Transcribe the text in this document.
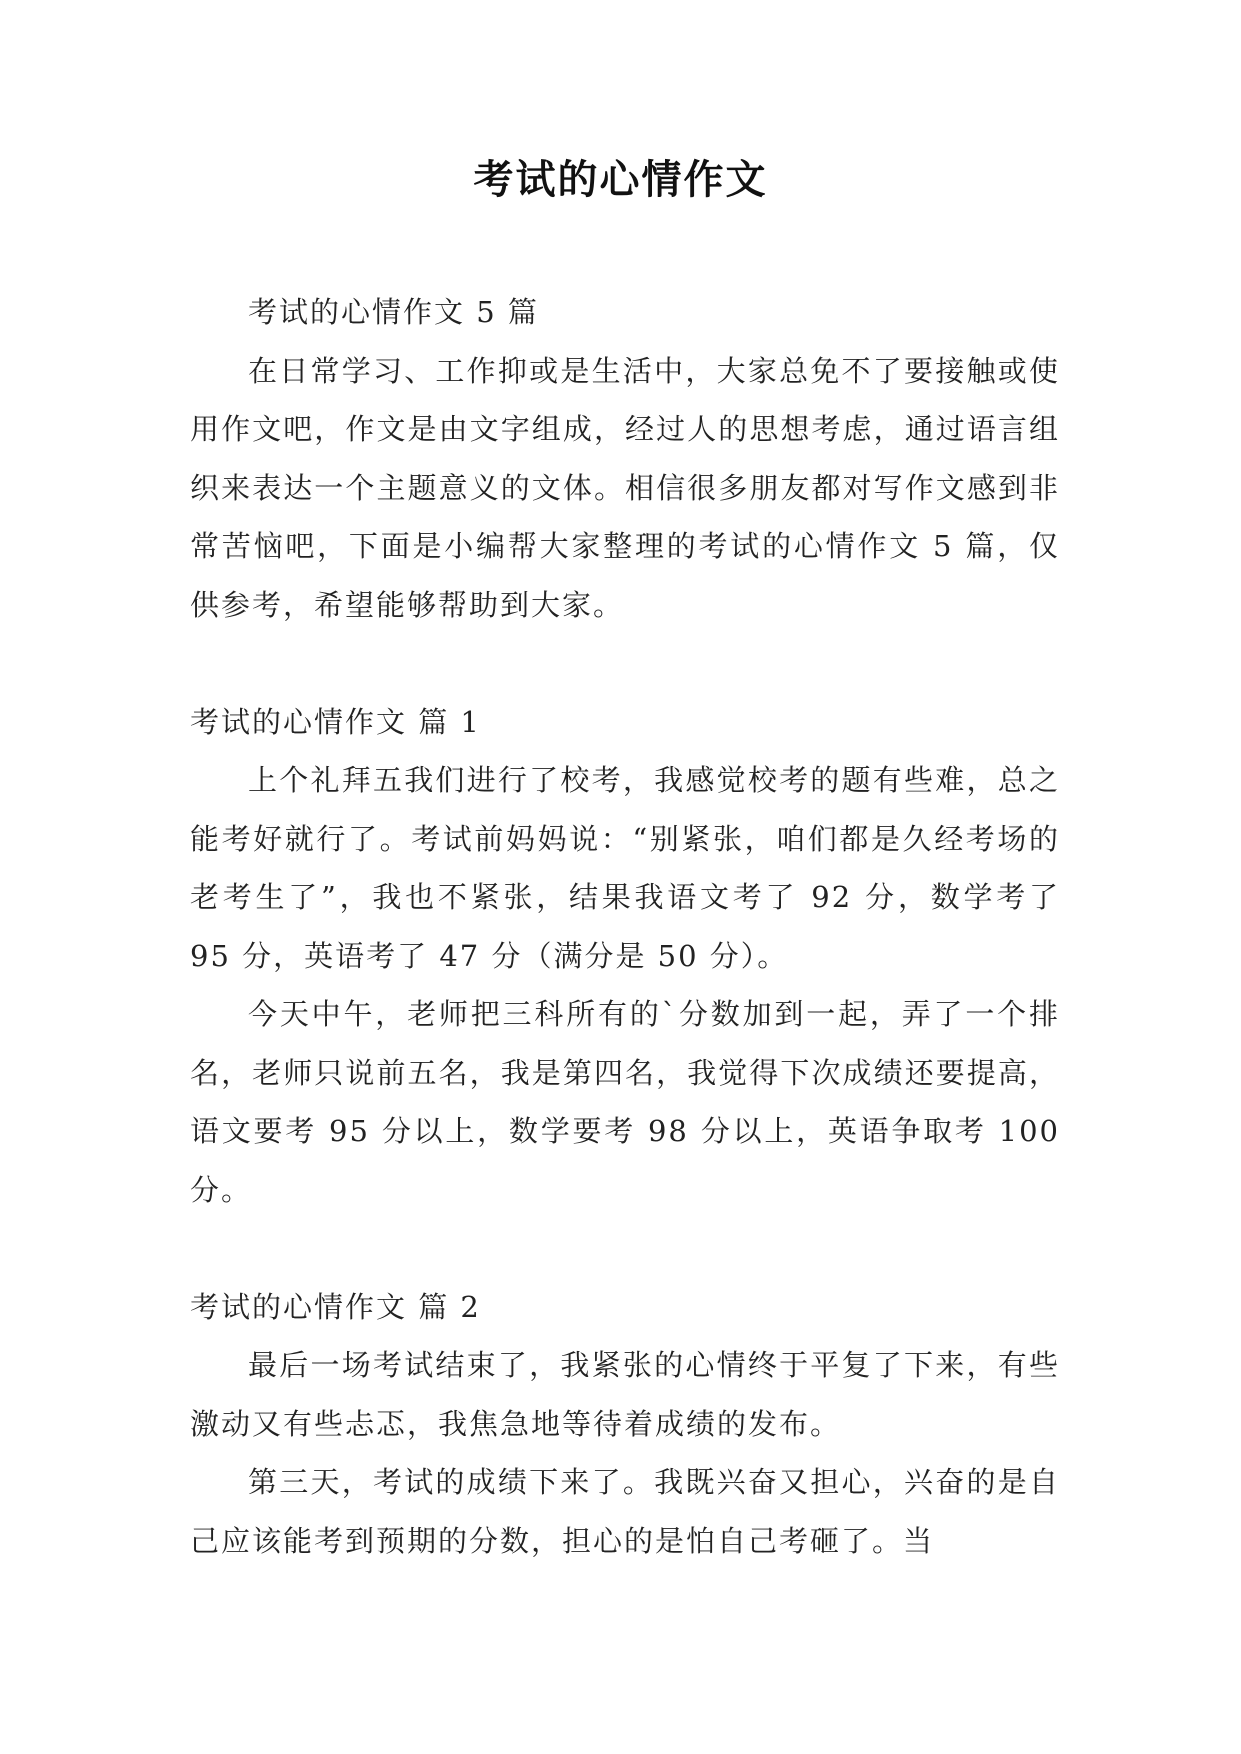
考试的心情作文

考试的心情作文 5 篇

在日常学习、工作抑或是生活中，大家总免不了要接触或使用作文吧，作文是由文字组成，经过人的思想考虑，通过语言组织来表达一个主题意义的文体。相信很多朋友都对写作文感到非常苦恼吧，下面是小编帮大家整理的考试的心情作文 5 篇，仅供参考，希望能够帮助到大家。

考试的心情作文 篇 1

上个礼拜五我们进行了校考，我感觉校考的题有些难，总之能考好就行了。考试前妈妈说：“别紧张，咱们都是久经考场的老考生了”，我也不紧张，结果我语文考了 92 分，数学考了 95 分，英语考了 47 分（满分是 50 分）。

今天中午，老师把三科所有的`分数加到一起，弄了一个排名，老师只说前五名，我是第四名，我觉得下次成绩还要提高，语文要考 95 分以上，数学要考 98 分以上，英语争取考 100 分。

考试的心情作文 篇 2

最后一场考试结束了，我紧张的心情终于平复了下来，有些激动又有些忐忑，我焦急地等待着成绩的发布。

第三天，考试的成绩下来了。我既兴奋又担心，兴奋的是自己应该能考到预期的分数，担心的是怕自己考砸了。当
